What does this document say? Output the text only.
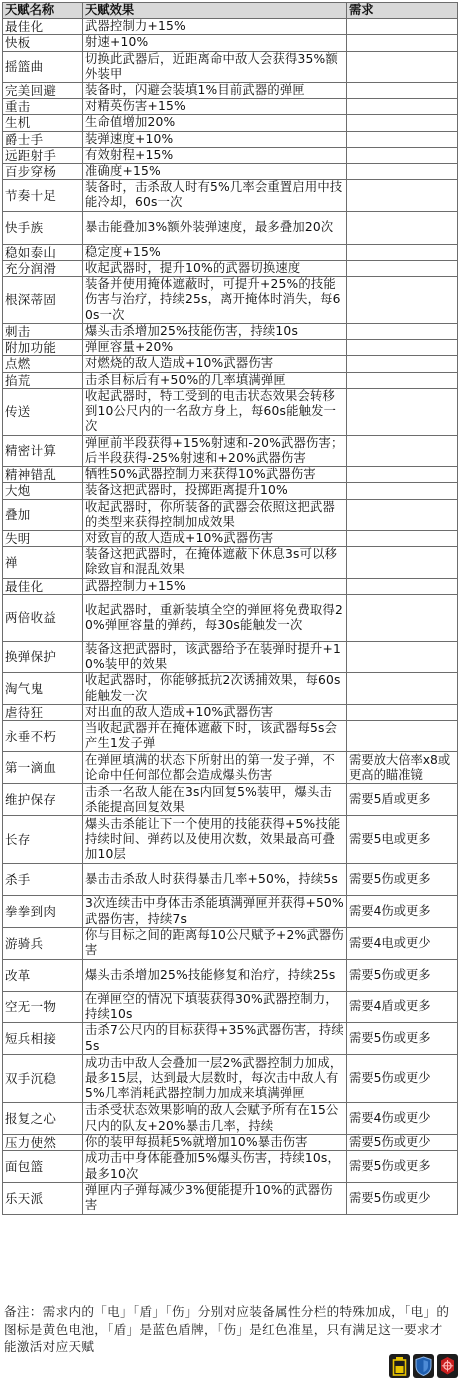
天赋名称	天赋效果	需求
最佳化	武器控制力+15%	
快板	射速+10%	
摇篮曲	切换此武器后，近距离命中敌人会获得35%额外装甲	
完美回避	装备时，闪避会装填1%目前武器的弹匣	
重击	对精英伤害+15%	
生机	生命值增加20%	
爵士手	装弹速度+10%	
远距射手	有效射程+15%	
百步穿杨	准确度+15%	
节奏十足	装备时，击杀敌人时有5%几率会重置启用中技能冷却，60s一次	
快手族	暴击能叠加3%额外装弹速度，最多叠加20次	
稳如泰山	稳定度+15%	
充分润滑	收起武器时，提升10%的武器切换速度	
根深蒂固	装备并使用掩体遮蔽时，可提升+25%的技能伤害与治疗，持续25s，离开掩体时消失，每60s一次	
刺击	爆头击杀增加25%技能伤害，持续10s	
附加功能	弹匣容量+20%	
点燃	对燃烧的敌人造成+10%武器伤害	
掐荒	击杀目标后有+50%的几率填满弹匣	
传送	收起武器时，特工受到的电击状态效果会转移到10公尺内的一名敌方身上，每60s能触发一次	
精密计算	弹匣前半段获得+15%射速和-20%武器伤害；后半段获得-25%射速和+20%武器伤害	
精神错乱	牺牲50%武器控制力来获得10%武器伤害	
大炮	装备这把武器时，投掷距离提升10%	
叠加	收起武器时，你所装备的武器会依照这把武器的类型来获得控制加成效果	
失明	对致盲的敌人造成+10%武器伤害	
禅	装备这把武器时，在掩体遮蔽下休息3s可以移除致盲和混乱效果	
最佳化	武器控制力+15%	
两倍收益	收起武器时，重新装填全空的弹匣将免费取得20%弹匣容量的弹药，每30s能触发一次	
换弹保护	装备这把武器时，该武器给予在装弹时提升+10%装甲的效果	
淘气鬼	收起武器时，你能够抵抗2次诱捕效果，每60s能触发一次	
虐待狂	对出血的敌人造成+10%武器伤害	
永垂不朽	当收起武器并在掩体遮蔽下时，该武器每5s会产生1发子弹	
第一滴血	在弹匣填满的状态下所射出的第一发子弹，不论命中任何部位都会造成爆头伤害	需要放大倍率x8或更高的瞄准镜
维护保存	击杀一名敌人能在3s内回复5%装甲，爆头击杀能提高回复效果	需要5盾或更多
长存	爆头击杀能让下一个使用的技能获得+5%技能持续时间、弹药以及使用次数，效果最高可叠加10层	需要5电或更多
杀手	暴击击杀敌人时获得暴击几率+50%，持续5s	需要5伤或更多
拳拳到肉	3次连续击中身体击杀能填满弹匣并获得+50%武器伤害，持续7s	需要4伤或更多
游骑兵	你与目标之间的距离每10公尺赋予+2%武器伤害	需要4电或更少
改革	爆头击杀增加25%技能修复和治疗，持续25s	需要5伤或更多
空无一物	在弹匣空的情况下填装获得30%武器控制力，持续10s	需要4盾或更多
短兵相接	击杀7公尺内的目标获得+35%武器伤害，持续5s	需要5伤或更多
双手沉稳	成功击中敌人会叠加一层2%武器控制力加成，最多15层，达到最大层数时，每次击中敌人有5%几率消耗武器控制力加成来填满弹匣	需要5伤或更少
报复之心	击杀受状态效果影响的敌人会赋予所有在15公尺内的队友+20%暴击几率，持续	需要4伤或更少
压力使然	你的装甲每损耗5%就增加10%暴击伤害	需要5伤或更少
面包篮	成功击中身体能叠加5%爆头伤害，持续10s，最多10次	需要5伤或更多
乐天派	弹匣内子弹每减少3%便能提升10%的武器伤害	需要5伤或更少
备注：需求内的「电」「盾」「伤」分别对应装备属性分栏的特殊加成，「电」的图标是黄色电池，「盾」是蓝色盾牌，「伤」是红色准星，只有满足这一要求才能激活对应天赋
